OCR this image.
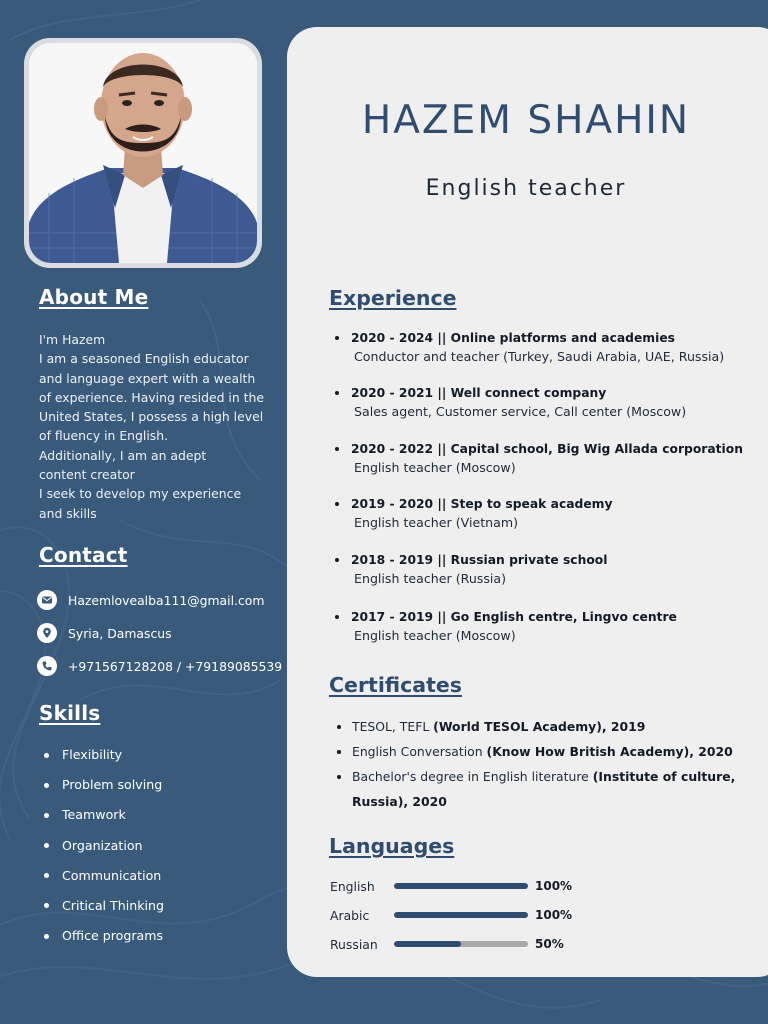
About Me

I'm Hazem
I am a seasoned English educator
and language expert with a wealth
of experience. Having resided in the
United States, I possess a high level
of fluency in English.
Additionally, I am an adept
content creator
I seek to develop my experience
and skills

Contact
Hazemlovealba111@gmail.com
Syria, Damascus
+971567128208 / +79189085539
Skills
Flexibility
Problem solving
Teamwork
Organization
Communication
Critical Thinking
Office programs
HAZEM SHAHIN
English teacher
Experience
2020 - 2024 || Online platforms and academies
Conductor and teacher (Turkey, Saudi Arabia, UAE, Russia)
2020 - 2021 || Well connect company
Sales agent, Customer service, Call center (Moscow)
2020 - 2022 || Capital school, Big Wig Allada corporation
English teacher (Moscow)
2019 - 2020 || Step to speak academy
English teacher (Vietnam)
2018 - 2019 || Russian private school
English teacher (Russia)
2017 - 2019 || Go English centre, Lingvo centre
English teacher (Moscow)
Certificates
TESOL, TEFL (World TESOL Academy), 2019
English Conversation (Know How British Academy), 2020
Bachelor's degree in English literature (Institute of culture, Russia), 2020
Languages
English	100%
Arabic	100%
Russian	50%
